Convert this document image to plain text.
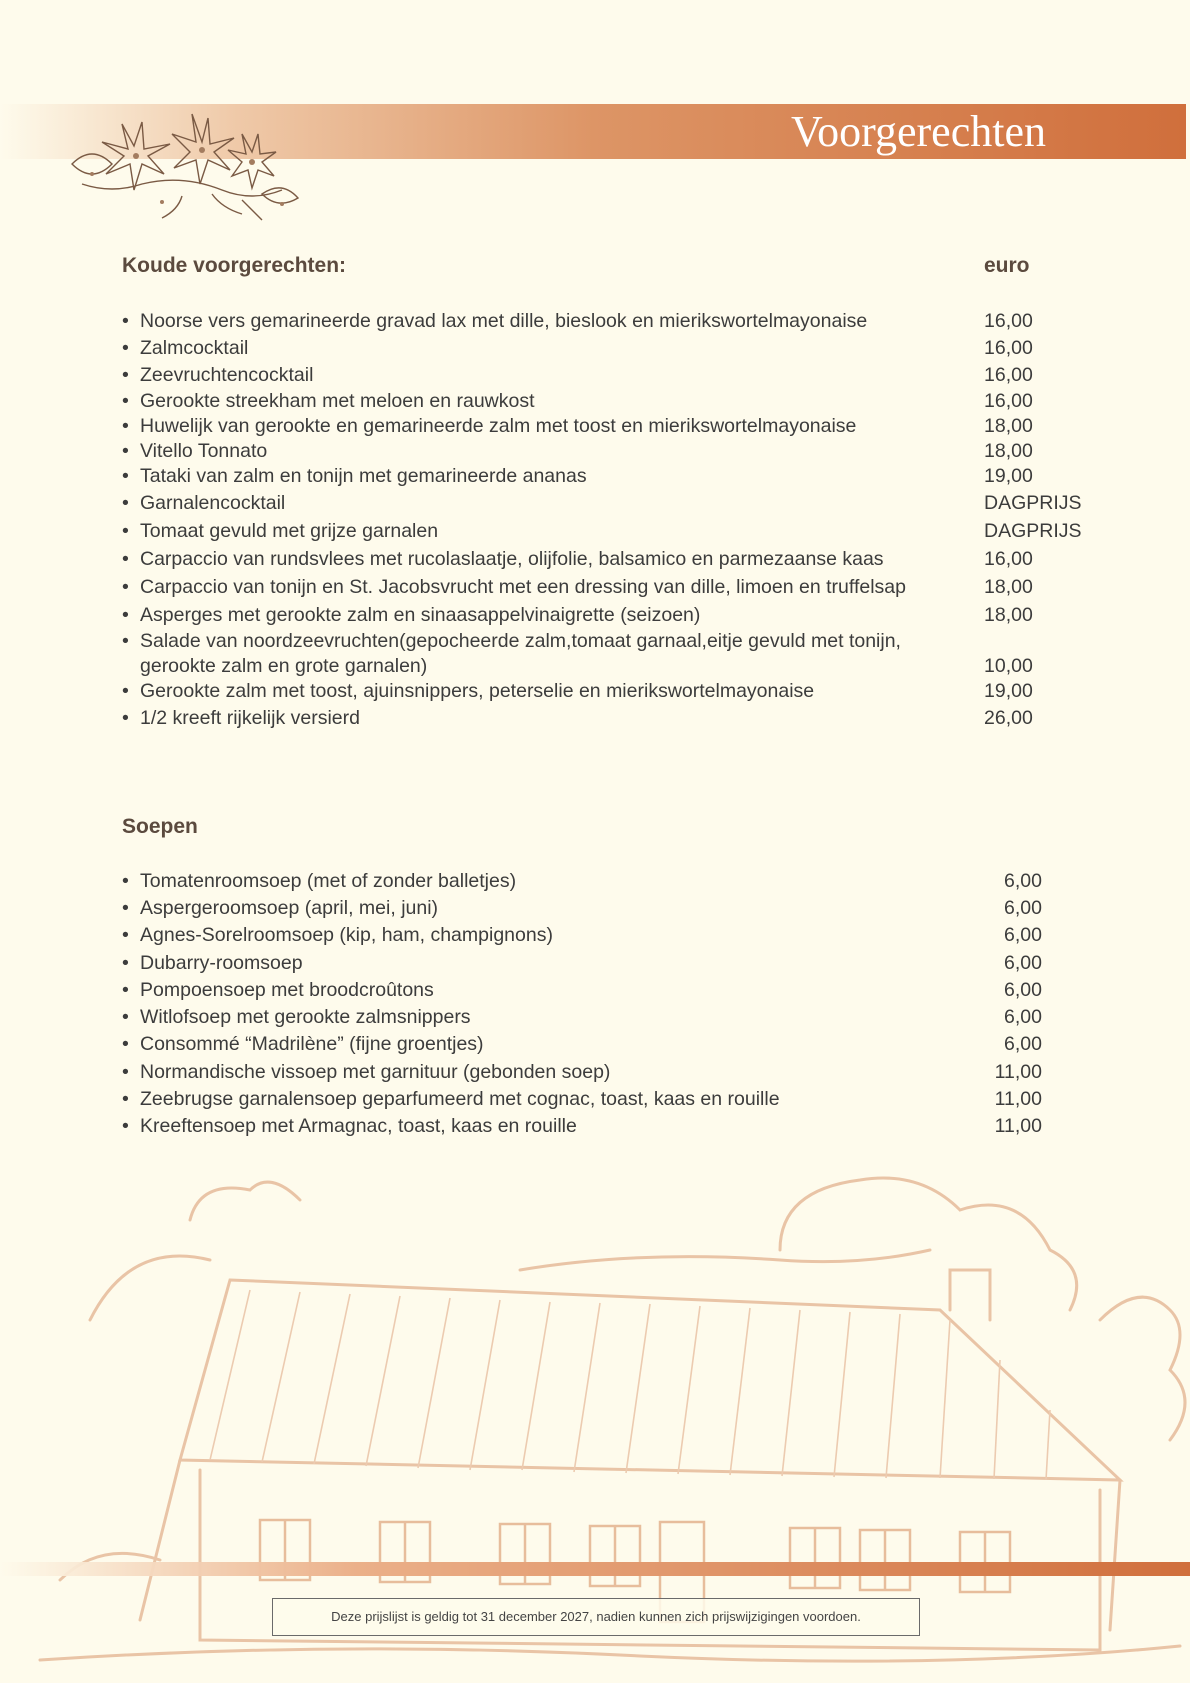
Voorgerechten
Koude voorgerechten:	euro
• Noorse vers gemarineerde gravad lax met dille, bieslook en mierikswortelmayonaise	16,00
• Zalmcocktail	16,00
• Zeevruchtencocktail	16,00
• Gerookte streekham met meloen en rauwkost	16,00
• Huwelijk van gerookte en gemarineerde zalm met toost en mierikswortelmayonaise	18,00
• Vitello Tonnato	18,00
• Tataki van zalm en tonijn met gemarineerde ananas	19,00
• Garnalencocktail	DAGPRIJS
• Tomaat gevuld met grijze garnalen	DAGPRIJS
• Carpaccio van rundsvlees met rucolaslaatje, olijfolie, balsamico en parmezaanse kaas	16,00
• Carpaccio van tonijn en St. Jacobsvrucht met een dressing van dille, limoen en truffelsap	18,00
• Asperges met gerookte zalm en sinaasappelvinaigrette (seizoen)	18,00
• Salade van noordzeevruchten(gepocheerde zalm,tomaat garnaal,eitje gevuld met tonijn,
gerookte zalm en grote garnalen)	10,00
• Gerookte zalm met toost, ajuinsnippers, peterselie en mierikswortelmayonaise	19,00
• 1/2 kreeft rijkelijk versierd	26,00
Soepen
• Tomatenroomsoep (met of zonder balletjes)	6,00
• Aspergeroomsoep (april, mei, juni)	6,00
• Agnes-Sorelroomsoep (kip, ham, champignons)	6,00
• Dubarry-roomsoep	6,00
• Pompoensoep met broodcroûtons	6,00
• Witlofsoep met gerookte zalmsnippers	6,00
• Consommé “Madrilène” (fijne groentjes)	6,00
• Normandische vissoep met garnituur (gebonden soep)	11,00
• Zeebrugse garnalensoep geparfumeerd met cognac, toast, kaas en rouille	11,00
• Kreeftensoep met Armagnac, toast, kaas en rouille	11,00
Deze prijslijst is geldig tot 31 december 2027, nadien kunnen zich prijswijzigingen voordoen.
